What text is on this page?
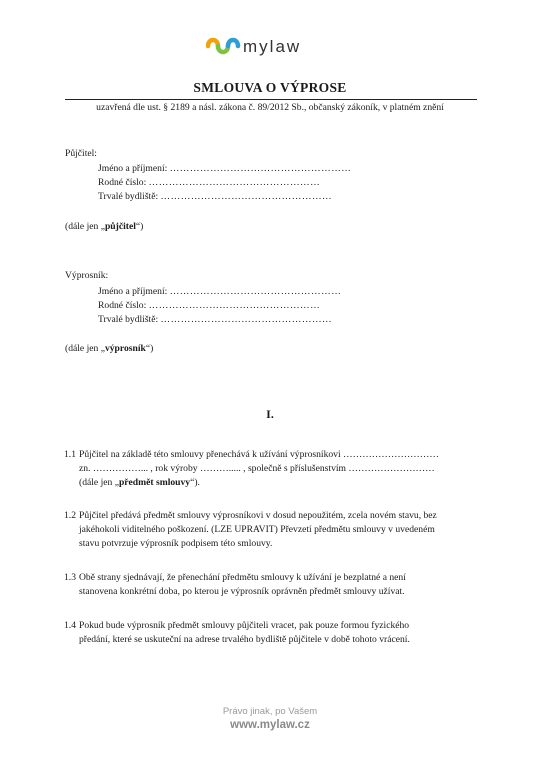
mylaw
SMLOUVA O VÝPROSE
uzavřená dle ust. § 2189 a násl. zákona č. 89/2012 Sb., občanský zákoník, v platném znění
Půjčitel:
Jméno a příjmení: ………………………………………………
Rodné číslo: ……………………………………………
Trvalé bydliště: ……………………………………………
(dále jen „půjčitel“)
Výprosník:
Jméno a příjmení: ……………………………………………
Rodné číslo: ……………………………………………
Trvalé bydliště: ……………………………………………
(dále jen „výprosník“)
I.
1.1 Půjčitel na základě této smlouvy přenechává k užívání výprosníkovi …………………………
zn. ……………... , rok výroby ………..... , společně s příslušenstvím ………………………
(dále jen „předmět smlouvy“).
1.2 Půjčitel předává předmět smlouvy výprosníkovi v dosud nepoužitém, zcela novém stavu, bez
jakéhokoli viditelného poškození. (LZE UPRAVIT) Převzetí předmětu smlouvy v uvedeném
stavu potvrzuje výprosník podpisem této smlouvy.
1.3 Obě strany sjednávají, že přenechání předmětu smlouvy k užívání je bezplatné a není
stanovena konkrétní doba, po kterou je výprosník oprávněn předmět smlouvy užívat.
1.4 Pokud bude výprosník předmět smlouvy půjčiteli vracet, pak pouze formou fyzického
předání, které se uskuteční na adrese trvalého bydliště půjčitele v době tohoto vrácení.
Právo jinak, po Vašem
www.mylaw.cz
